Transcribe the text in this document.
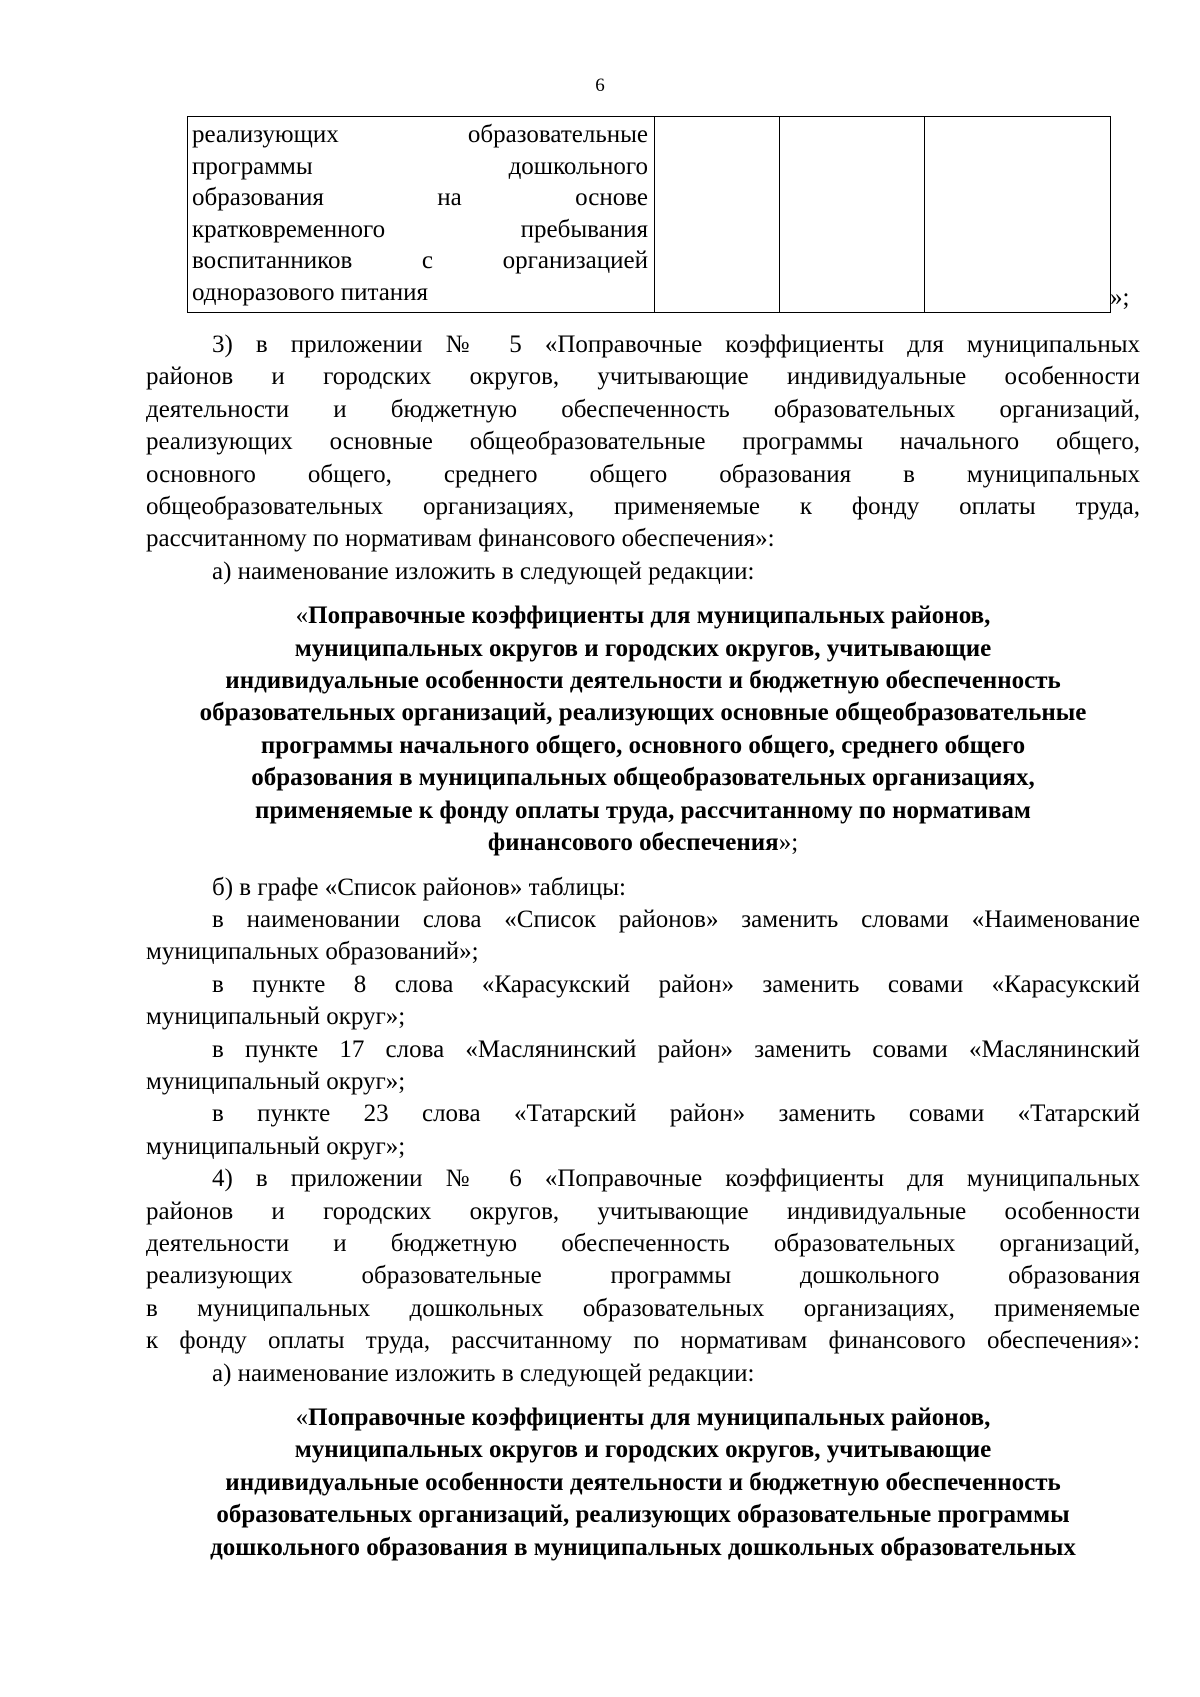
6
реализующих образовательные
программы дошкольного
образования на основе
кратковременного пребывания
воспитанников с организацией
одноразового питания
				»;
3) в приложении № 5 «Поправочные коэффициенты для муниципальных
районов и городских округов, учитывающие индивидуальные особенности
деятельности и бюджетную обеспеченность образовательных организаций,
реализующих основные общеобразовательные программы начального общего,
основного общего, среднего общего образования в муниципальных
общеобразовательных организациях, применяемые к фонду оплаты труда,
рассчитанному по нормативам финансового обеспечения»:
а) наименование изложить в следующей редакции:
«Поправочные коэффициенты для муниципальных районов,
муниципальных округов и городских округов, учитывающие
индивидуальные особенности деятельности и бюджетную обеспеченность
образовательных организаций, реализующих основные общеобразовательные
программы начального общего, основного общего, среднего общего
образования в муниципальных общеобразовательных организациях,
применяемые к фонду оплаты труда, рассчитанному по нормативам
финансового обеспечения»;
б) в графе «Список районов» таблицы:
в наименовании слова «Список районов» заменить словами «Наименование
муниципальных образований»;
в пункте 8 слова «Карасукский район» заменить совами «Карасукский
муниципальный округ»;
в пункте 17 слова «Маслянинский район» заменить совами «Маслянинский
муниципальный округ»;
в пункте 23 слова «Татарский район» заменить совами «Татарский
муниципальный округ»;
4) в приложении № 6 «Поправочные коэффициенты для муниципальных
районов и городских округов, учитывающие индивидуальные особенности
деятельности и бюджетную обеспеченность образовательных организаций,
реализующих образовательные программы дошкольного образования
в муниципальных дошкольных образовательных организациях, применяемые
к фонду оплаты труда, рассчитанному по нормативам финансового обеспечения»:
а) наименование изложить в следующей редакции:
«Поправочные коэффициенты для муниципальных районов,
муниципальных округов и городских округов, учитывающие
индивидуальные особенности деятельности и бюджетную обеспеченность
образовательных организаций, реализующих образовательные программы
дошкольного образования в муниципальных дошкольных образовательных
